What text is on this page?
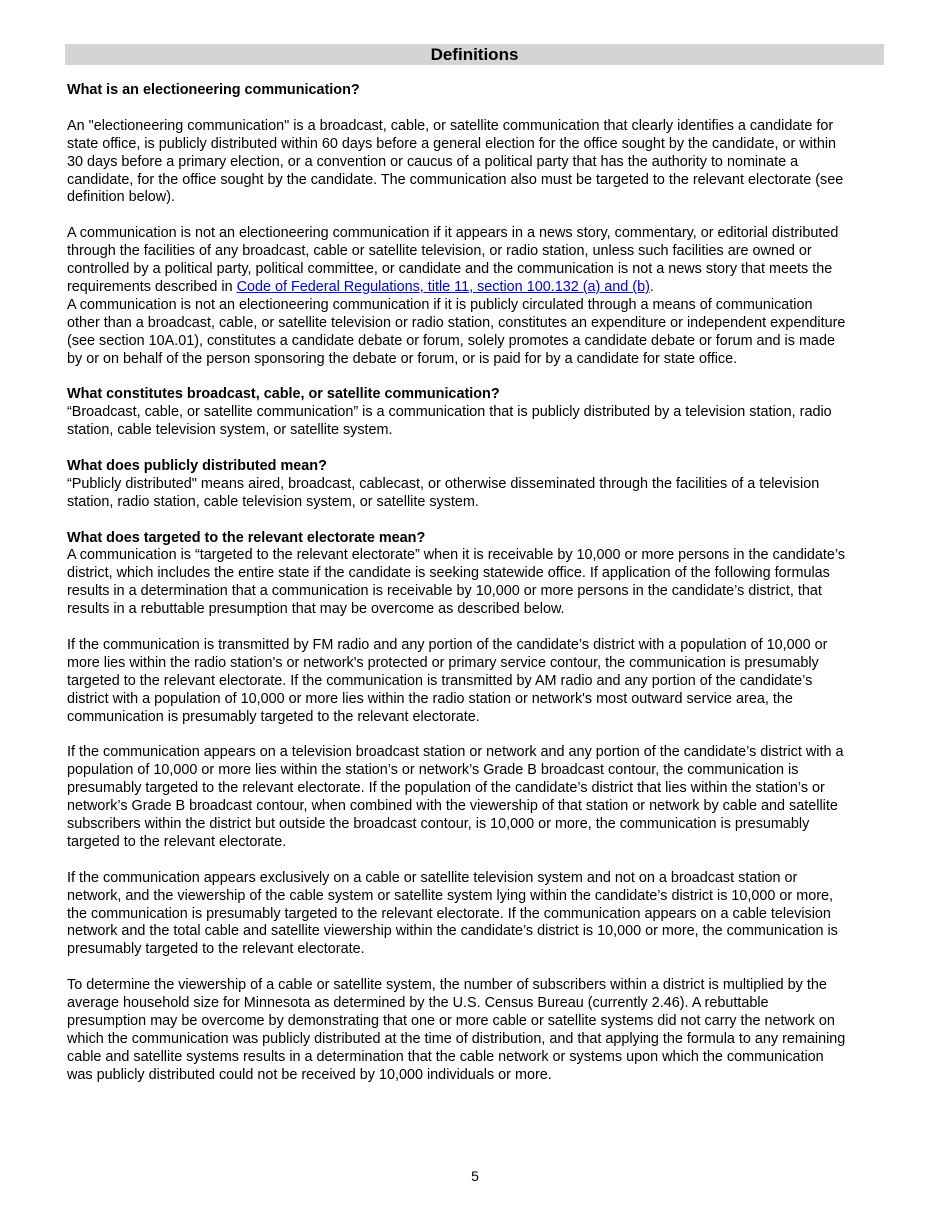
Definitions

What is an electioneering communication?

An "electioneering communication" is a broadcast, cable, or satellite communication that clearly identifies a candidate for state office, is publicly distributed within 60 days before a general election for the office sought by the candidate, or within 30 days before a primary election, or a convention or caucus of a political party that has the authority to nominate a candidate, for the office sought by the candidate. The communication also must be targeted to the relevant electorate (see definition below).

A communication is not an electioneering communication if it appears in a news story, commentary, or editorial distributed through the facilities of any broadcast, cable or satellite television, or radio station, unless such facilities are owned or controlled by a political party, political committee, or candidate and the communication is not a news story that meets the requirements described in Code of Federal Regulations, title 11, section 100.132 (a) and (b).

A communication is not an electioneering communication if it is publicly circulated through a means of communication other than a broadcast, cable, or satellite television or radio station, constitutes an expenditure or independent expenditure (see section 10A.01), constitutes a candidate debate or forum, solely promotes a candidate debate or forum and is made by or on behalf of the person sponsoring the debate or forum, or is paid for by a candidate for state office.

What constitutes broadcast, cable, or satellite communication?

“Broadcast, cable, or satellite communication” is a communication that is publicly distributed by a television station, radio station, cable television system, or satellite system.

What does publicly distributed mean?

“Publicly distributed" means aired, broadcast, cablecast, or otherwise disseminated through the facilities of a television station, radio station, cable television system, or satellite system.

What does targeted to the relevant electorate mean?

A communication is “targeted to the relevant electorate” when it is receivable by 10,000 or more persons in the candidate’s district, which includes the entire state if the candidate is seeking statewide office. If application of the following formulas results in a determination that a communication is receivable by 10,000 or more persons in the candidate’s district, that results in a rebuttable presumption that may be overcome as described below.

If the communication is transmitted by FM radio and any portion of the candidate’s district with a population of 10,000 or more lies within the radio station's or network's protected or primary service contour, the communication is presumably targeted to the relevant electorate. If the communication is transmitted by AM radio and any portion of the candidate’s district with a population of 10,000 or more lies within the radio station or network's most outward service area, the communication is presumably targeted to the relevant electorate.

If the communication appears on a television broadcast station or network and any portion of the candidate’s district with a population of 10,000 or more lies within the station’s or network’s Grade B broadcast contour, the communication is presumably targeted to the relevant electorate. If the population of the candidate’s district that lies within the station’s or network’s Grade B broadcast contour, when combined with the viewership of that station or network by cable and satellite subscribers within the district but outside the broadcast contour, is 10,000 or more, the communication is presumably targeted to the relevant electorate.

If the communication appears exclusively on a cable or satellite television system and not on a broadcast station or network, and the viewership of the cable system or satellite system lying within the candidate’s district is 10,000 or more, the communication is presumably targeted to the relevant electorate. If the communication appears on a cable television network and the total cable and satellite viewership within the candidate’s district is 10,000 or more, the communication is presumably targeted to the relevant electorate.

To determine the viewership of a cable or satellite system, the number of subscribers within a district is multiplied by the average household size for Minnesota as determined by the U.S. Census Bureau (currently 2.46). A rebuttable presumption may be overcome by demonstrating that one or more cable or satellite systems did not carry the network on which the communication was publicly distributed at the time of distribution, and that applying the formula to any remaining cable and satellite systems results in a determination that the cable network or systems upon which the communication was publicly distributed could not be received by 10,000 individuals or more.

5
